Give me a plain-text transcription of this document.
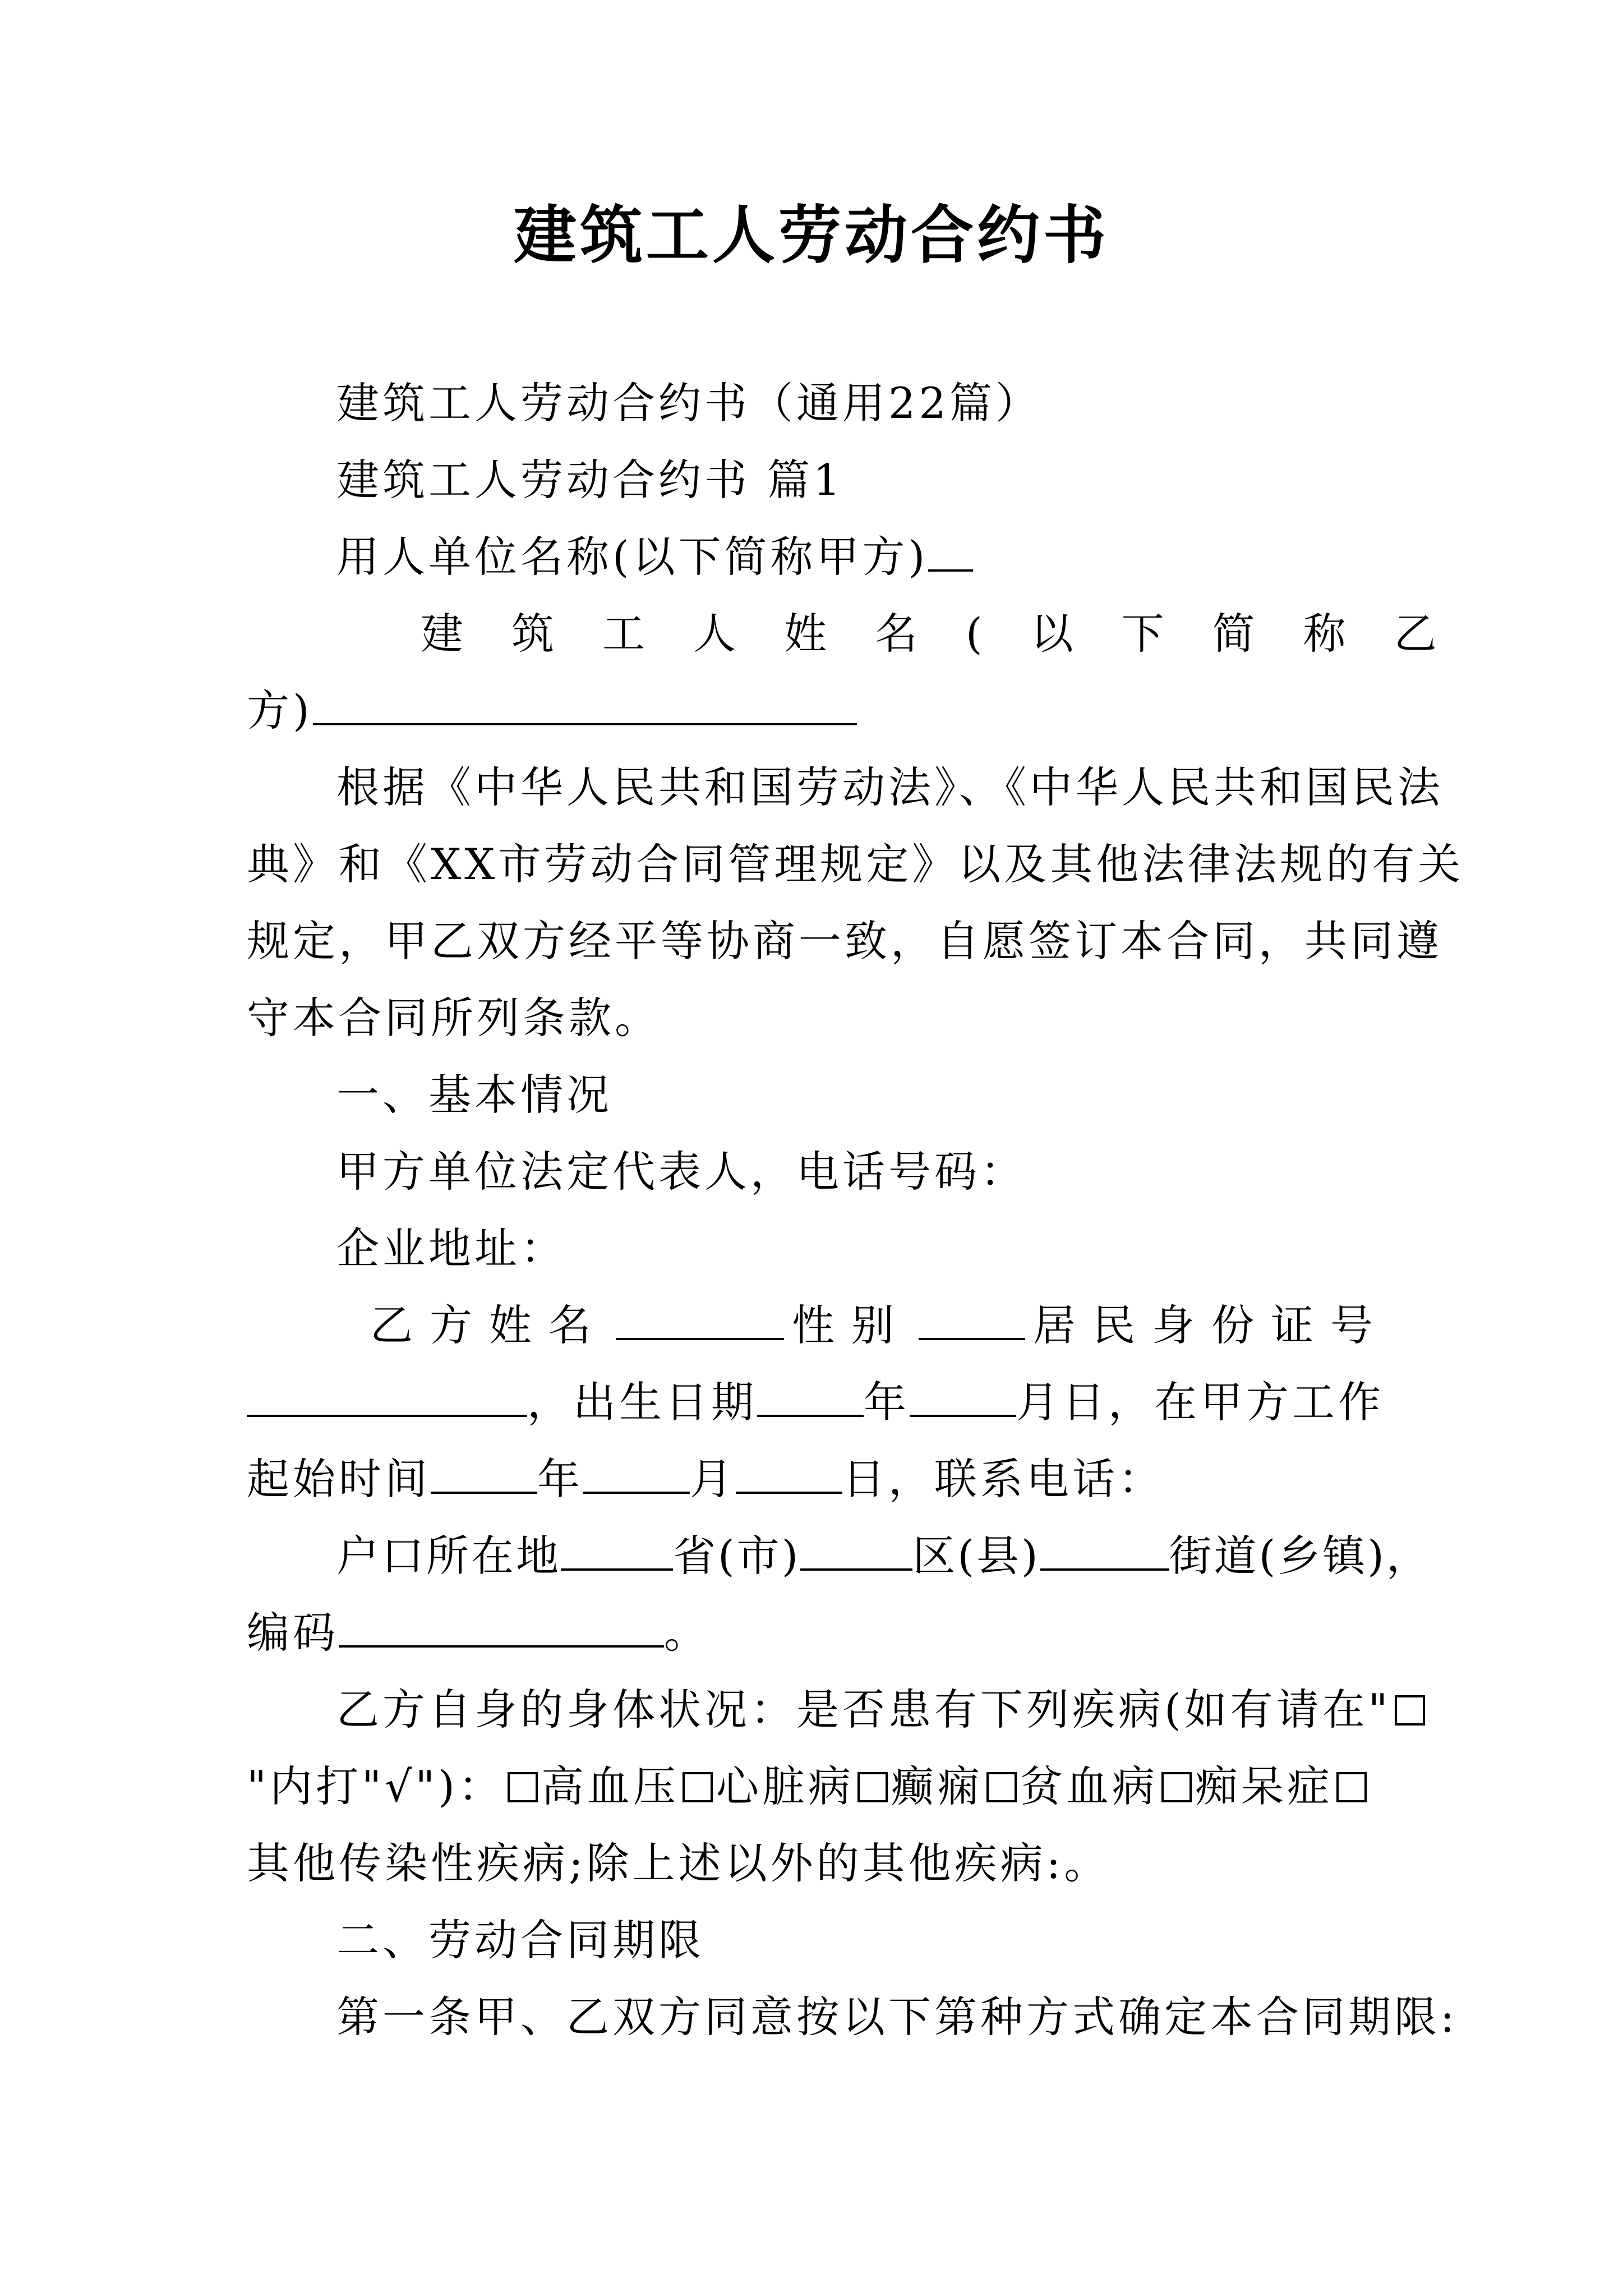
建筑工人劳动合约书

建筑工人劳动合约书（通用22篇）

建筑工人劳动合约书 篇1

用人单位名称(以下简称甲方)

建筑工人姓名(以下简称乙

方)

根据《中华人民共和国劳动法》、《中华人民共和国民法

典》和《XX市劳动合同管理规定》以及其他法律法规的有关

规定，甲乙双方经平等协商一致，自愿签订本合同，共同遵

守本合同所列条款。

一、基本情况

甲方单位法定代表人，电话号码：

企业地址：

乙方姓名	性别	居民身份证号

，出生日期	年	月日，在甲方工作

起始时间	年	月	日，联系电话：

户口所在地	省(市)	区(县)	街道(乡镇)，

编码	。

乙方自身的身体状况：是否患有下列疾病(如有请在"

"内打"√")： 高血压 心脏病 癫痫 贫血病 痴呆症

其他传染性疾病;除上述以外的其他疾病:。

二、劳动合同期限

第一条甲、乙双方同意按以下第种方式确定本合同期限:
